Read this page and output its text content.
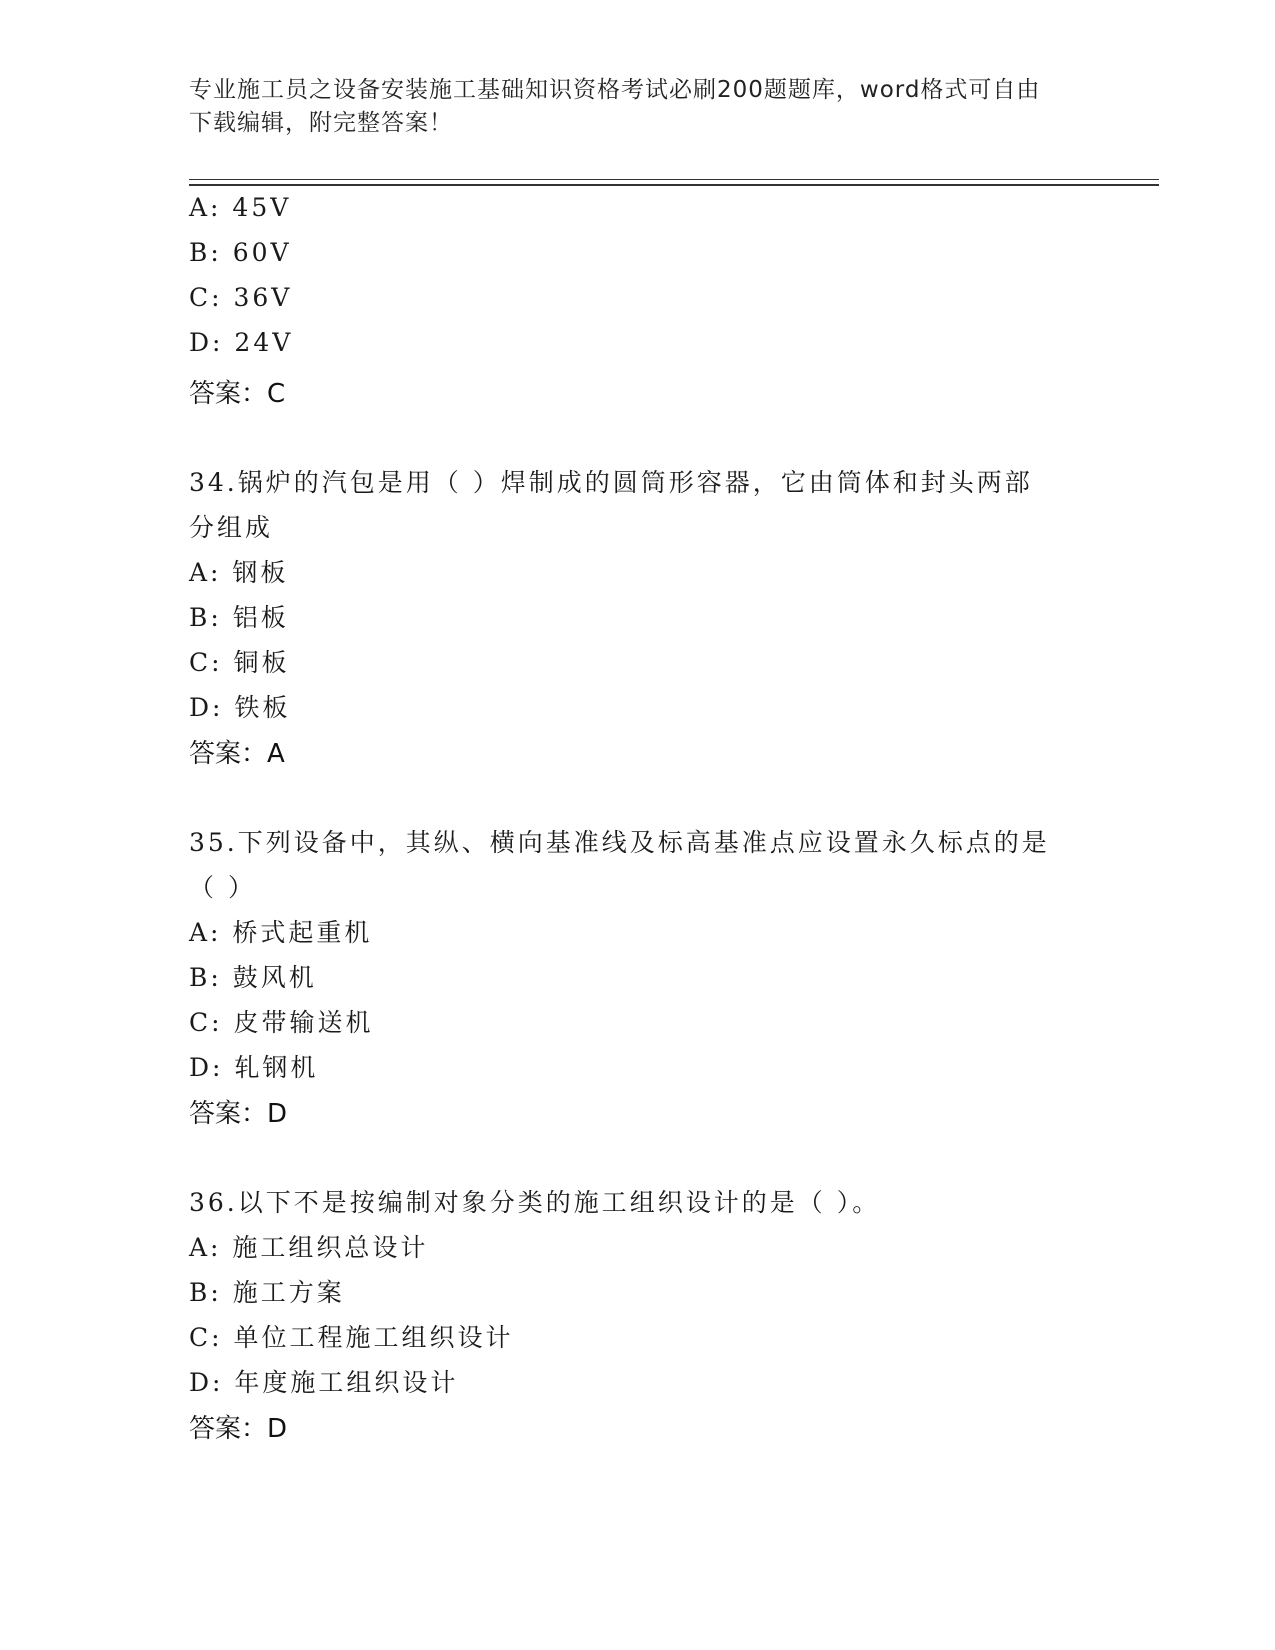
专业施工员之设备安装施工基础知识资格考试必刷200题题库，word格式可自由
下载编辑，附完整答案！
A: 45V
B: 60V
C: 36V
D: 24V
答案：C
34.锅炉的汽包是用（ ）焊制成的圆筒形容器，它由筒体和封头两部
分组成
A: 钢板
B: 铝板
C: 铜板
D: 铁板
答案：A
35.下列设备中，其纵、横向基准线及标高基准点应设置永久标点的是
（ ）
A: 桥式起重机
B: 鼓风机
C: 皮带输送机
D: 轧钢机
答案：D
36.以下不是按编制对象分类的施工组织设计的是（ ）。
A: 施工组织总设计
B: 施工方案
C: 单位工程施工组织设计
D: 年度施工组织设计
答案：D
